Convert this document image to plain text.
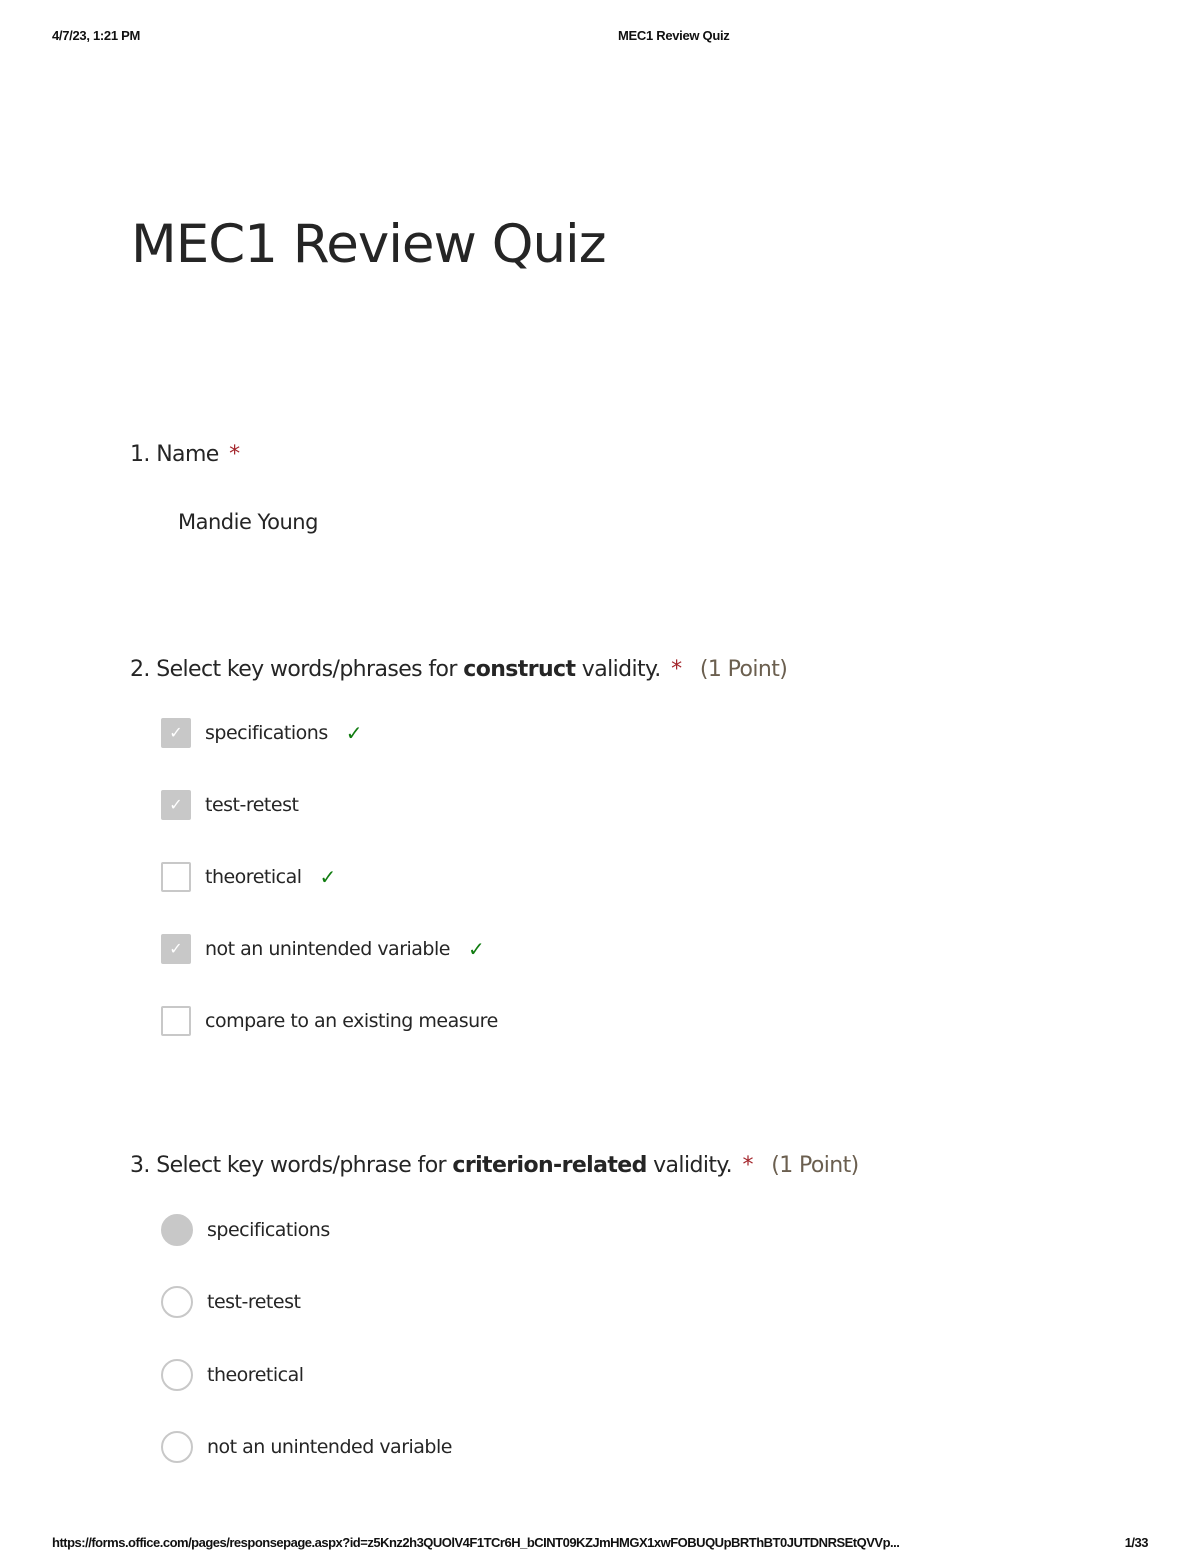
4/7/23, 1:21 PM	MEC1 Review Quiz
MEC1 Review Quiz
1. Name *
Mandie Young
2. Select key words/phrases for construct validity. * (1 Point)
✓ specifications ✓
✓ test-retest
theoretical ✓
✓ not an unintended variable ✓
compare to an existing measure
3. Select key words/phrase for criterion-related validity. * (1 Point)
specifications
test-retest
theoretical
not an unintended variable
https://forms.office.com/pages/responsepage.aspx?id=z5Knz2h3QUOlV4F1TCr6H_bCINT09KZJmHMGX1xwFOBUQUpBRThBT0JUTDNRSEtQVVp...	1/33
